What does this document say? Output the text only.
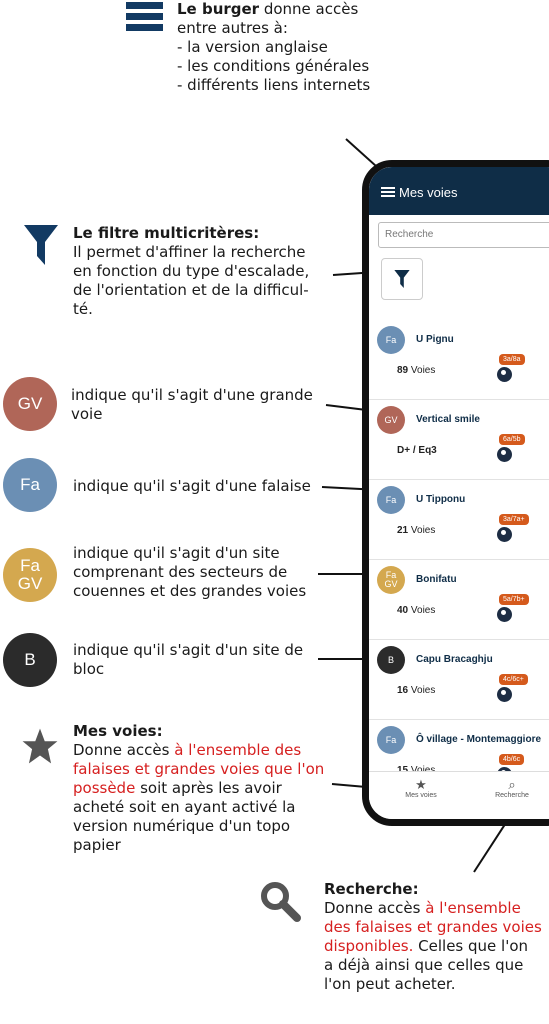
Le burger donne accès
entre autres à:
- la version anglaise
- les conditions générales
- différents liens internets
Le filtre multicritères:
Il permet d'affiner la recherche
en fonction du type d'escalade,
de l'orientation et de la difficul-
té.
GV indique qu'il s'agit d'une grande
voie
Fa indique qu'il s'agit d'une falaise
Fa
GV
indique qu'il s'agit d'un site
comprenant des secteurs de
couennes et des grandes voies
B indique qu'il s'agit d'un site de
bloc
Mes voies:
Donne accès à l'ensemble des
falaises et grandes voies que l'on
possède soit après les avoir
acheté soit en ayant activé la
version numérique d'un topo
papier
Recherche:
Donne accès à l'ensemble
des falaises et grandes voies
disponibles. Celles que l'on
a déjà ainsi que celles que
l'on peut acheter.
Mes voies
Recherche
Fa U Pignu
89 Voies
3a/8a
GV Vertical smile
D+ / Eq3
6a/5b
Fa U Tipponu
21 Voies
3a/7a+
Fa
GV Bonifatu
40 Voies
5a/7b+
B Capu Bracaghju
16 Voies
4c/6c+
Fa Ô village - Montemaggiore
4b/6c
★
Mes voies
⌕
Recherche
